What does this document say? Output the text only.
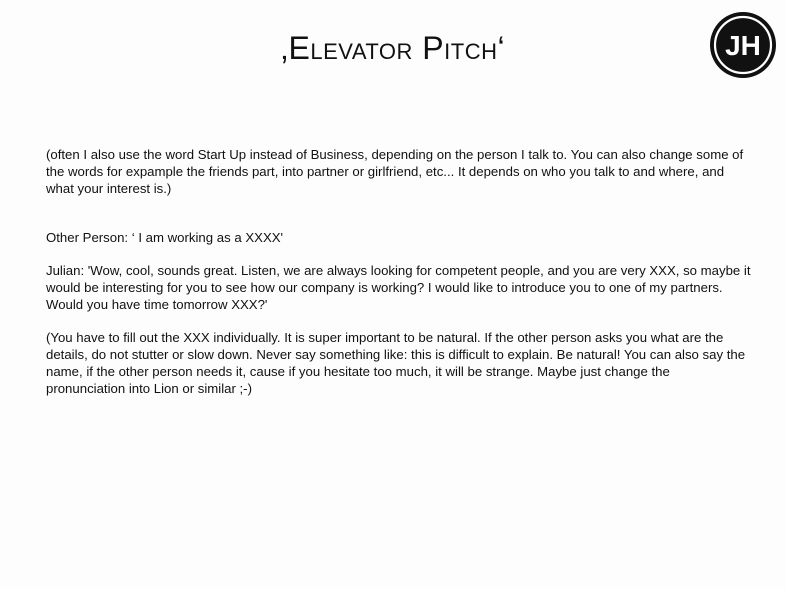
‚Elevator Pitch‘	JH

(often I also use the word Start Up instead of Business, depending on the person I talk to. You can also change some of the words for expample the friends part, into partner or girlfriend, etc... It depends on who you talk to and where, and what your interest is.)

Other Person: ‘ I am working as a XXXX'

Julian: 'Wow, cool, sounds great. Listen, we are always looking for competent people, and you are very XXX, so maybe it would be interesting for you to see how our company is working? I would like to introduce you to one of my partners. Would you have time tomorrow XXX?'

(You have to fill out the XXX individually. It is super important to be natural. If the other person asks you what are the details, do not stutter or slow down. Never say something like: this is difficult to explain. Be natural! You can also say the name, if the other person needs it, cause if you hesitate too much, it will be strange. Maybe just change the pronunciation into Lion or similar ;-)
